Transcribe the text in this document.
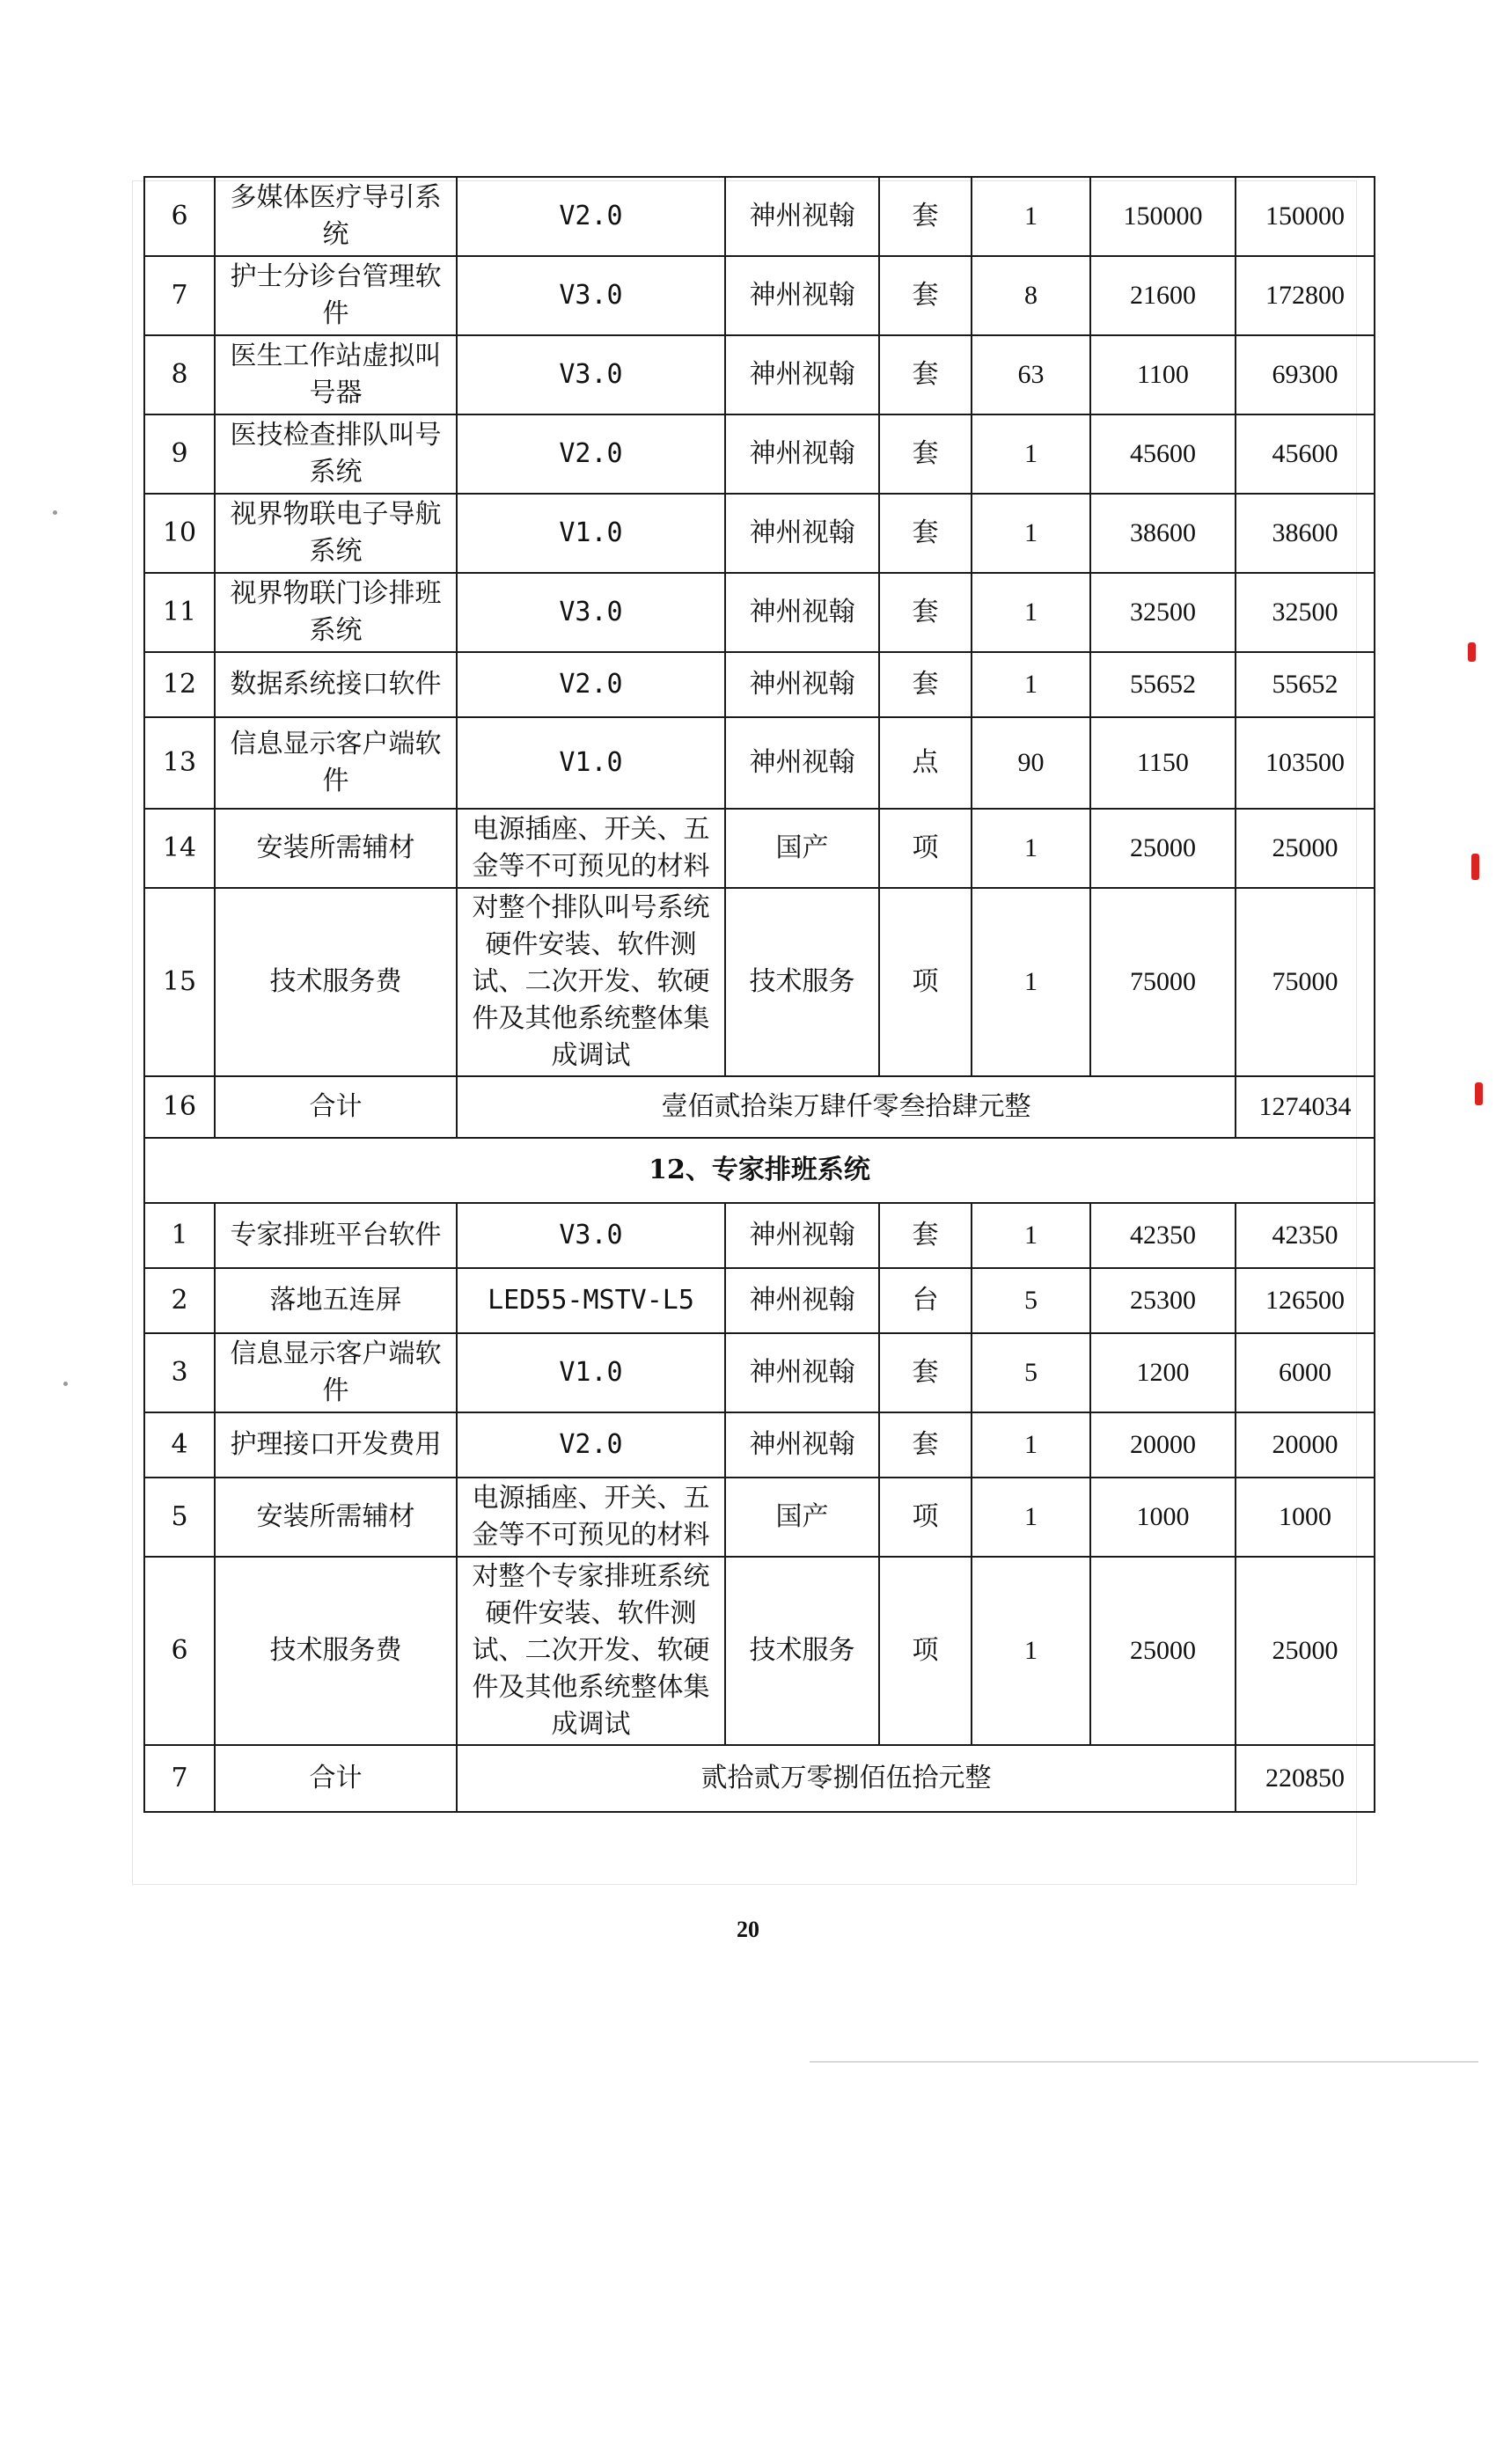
6	多媒体医疗导引系统	V2.0	神州视翰	套	1	150000	150000
7	护士分诊台管理软件	V3.0	神州视翰	套	8	21600	172800
8	医生工作站虚拟叫号器	V3.0	神州视翰	套	63	1100	69300
9	医技检查排队叫号系统	V2.0	神州视翰	套	1	45600	45600
10	视界物联电子导航系统	V1.0	神州视翰	套	1	38600	38600
11	视界物联门诊排班系统	V3.0	神州视翰	套	1	32500	32500
12	数据系统接口软件	V2.0	神州视翰	套	1	55652	55652
13	信息显示客户端软件	V1.0	神州视翰	点	90	1150	103500
14	安装所需辅材	电源插座、开关、五金等不可预见的材料	国产	项	1	25000	25000
15	技术服务费	对整个排队叫号系统硬件安装、软件测试、二次开发、软硬件及其他系统整体集成调试	技术服务	项	1	75000	75000
16	合计	壹佰贰拾柒万肆仟零叁拾肆元整					1274034
12、专家排班系统							
1	专家排班平台软件	V3.0	神州视翰	套	1	42350	42350
2	落地五连屏	LED55-MSTV-L5	神州视翰	台	5	25300	126500
3	信息显示客户端软件	V1.0	神州视翰	套	5	1200	6000
4	护理接口开发费用	V2.0	神州视翰	套	1	20000	20000
5	安装所需辅材	电源插座、开关、五金等不可预见的材料	国产	项	1	1000	1000
6	技术服务费	对整个专家排班系统硬件安装、软件测试、二次开发、软硬件及其他系统整体集成调试	技术服务	项	1	25000	25000
7	合计	贰拾贰万零捌佰伍拾元整					220850
20
